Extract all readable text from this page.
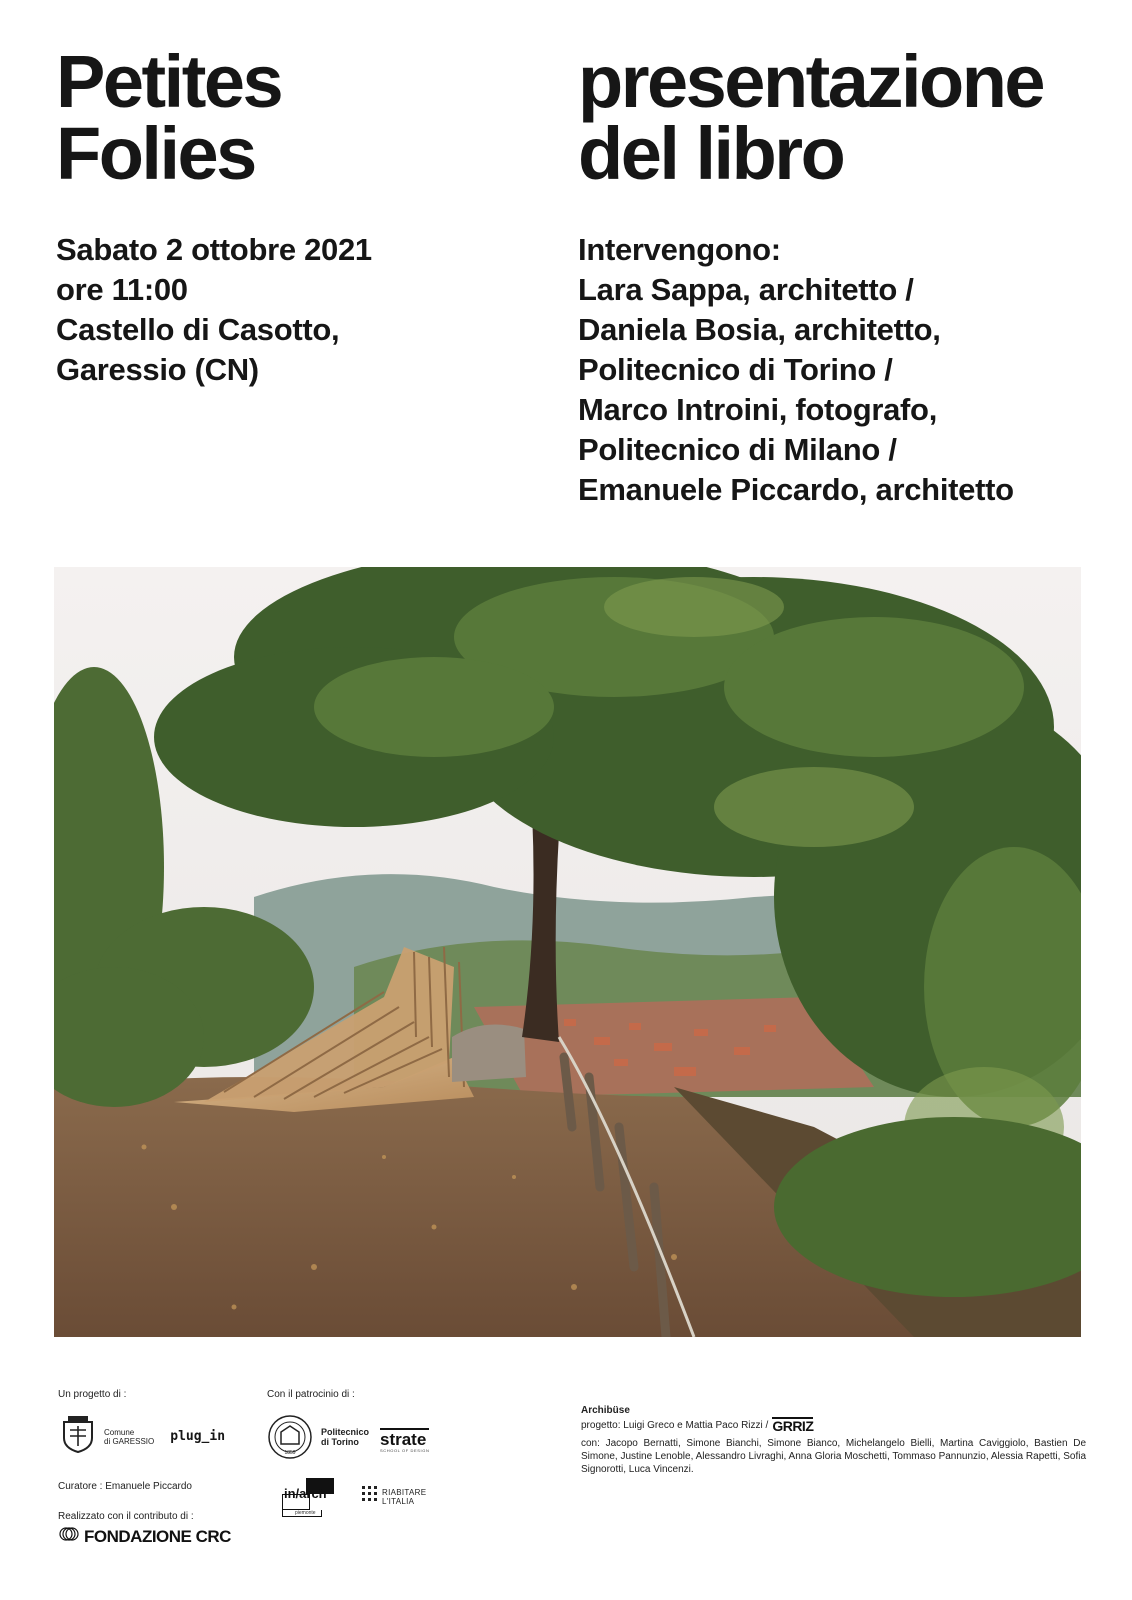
Petites
Folies
presentazione
del libro
Sabato 2 ottobre 2021
ore 11:00
Castello di Casotto,
Garessio (CN)
Intervengono:
Lara Sappa, architetto /
Daniela Bosia, architetto,
Politecnico di Torino /
Marco Introini, fotografo,
Politecnico di Milano /
Emanuele Piccardo, architetto
Un progetto di :
Comune
di GARESSIO plug_in
Curatore : Emanuele Piccardo
Realizzato con il contributo di :
FONDAZIONE CRC
Con il patrocinio di :
1859
Politecnico
di Torino	strate
SCHOOL OF DESIGN
in/arch
piemonte
RIABITARE
L'ITALIA
Archibüse
progetto: Luigi Greco e Mattia Paco Rizzi / GRRIZ
con: Jacopo Bernatti, Simone Bianchi, Simone Bianco, Michelangelo Bielli, Martina Caviggiolo, Bastien De Simone, Justine Lenoble, Alessandro Livraghi, Anna Gloria Moschetti, Tommaso Pannunzio, Alessia Rapetti, Sofia Signorotti, Luca Vincenzi.
